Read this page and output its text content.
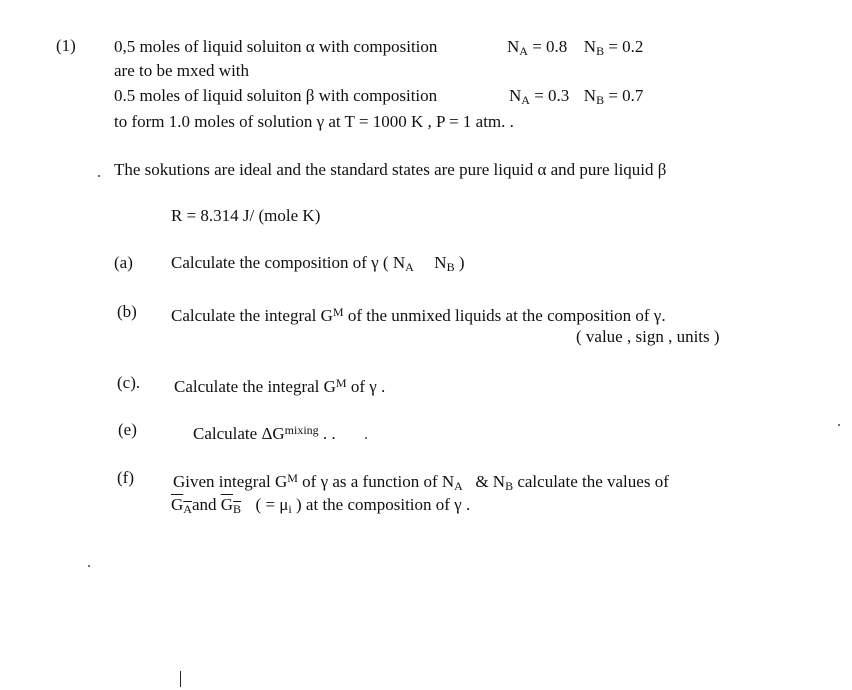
(1) 0,5 moles of liquid soluiton α with composition	$N_A = 0.8$ $N_B = 0.2$
are to be mxed with
0.5 moles of liquid soluiton β with composition	$N_A = 0.3$ $N_B = 0.7$
to form 1.0 moles of solution γ at T = 1000 K , P = 1 atm. .
The sokutions are ideal and the standard states are pure liquid α and pure liquid β
R = 8.314 J/ (mole K)
(a) Calculate the composition of γ ( $N_A$ $N_B$ )
(b) Calculate the integral $G^M$ of the unmixed liquids at the composition of γ.
( value , sign , units )
(c). Calculate the integral $G^M$ of γ .
(e)	Calculate $\Delta G^{mixing}$ . .
(f) Given integral $G^M$ of γ as a function of $N_A$ & $N_B$ calculate the values of
$G_Aand$ $G_B$ ( = $\mu_i$ ) at the composition of γ .
